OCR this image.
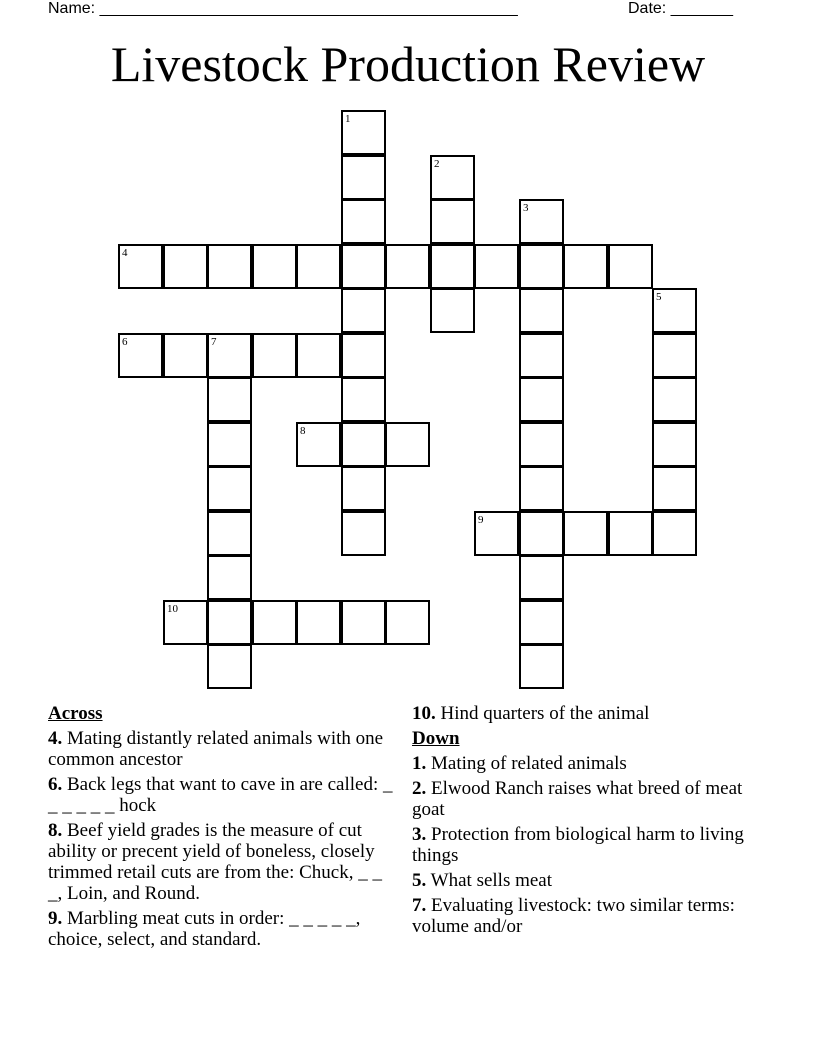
Name: _______________________________________________	Date: _______
Livestock Production Review
1
2
3
4
5
6	7
8
9
10
Across
4. Mating distantly related animals with one common ancestor
6. Back legs that want to cave in are called: _ _ _ _ _ _ hock
8. Beef yield grades is the measure of cut ability or precent yield of boneless, closely trimmed retail cuts are from the: Chuck, _ _ _, Loin, and Round.
9. Marbling meat cuts in order: _ _ _ _ _, choice, select, and standard.
10. Hind quarters of the animal
Down
1. Mating of related animals
2. Elwood Ranch raises what breed of meat goat
3. Protection from biological harm to living things
5. What sells meat
7. Evaluating livestock: two similar terms: volume and/or
